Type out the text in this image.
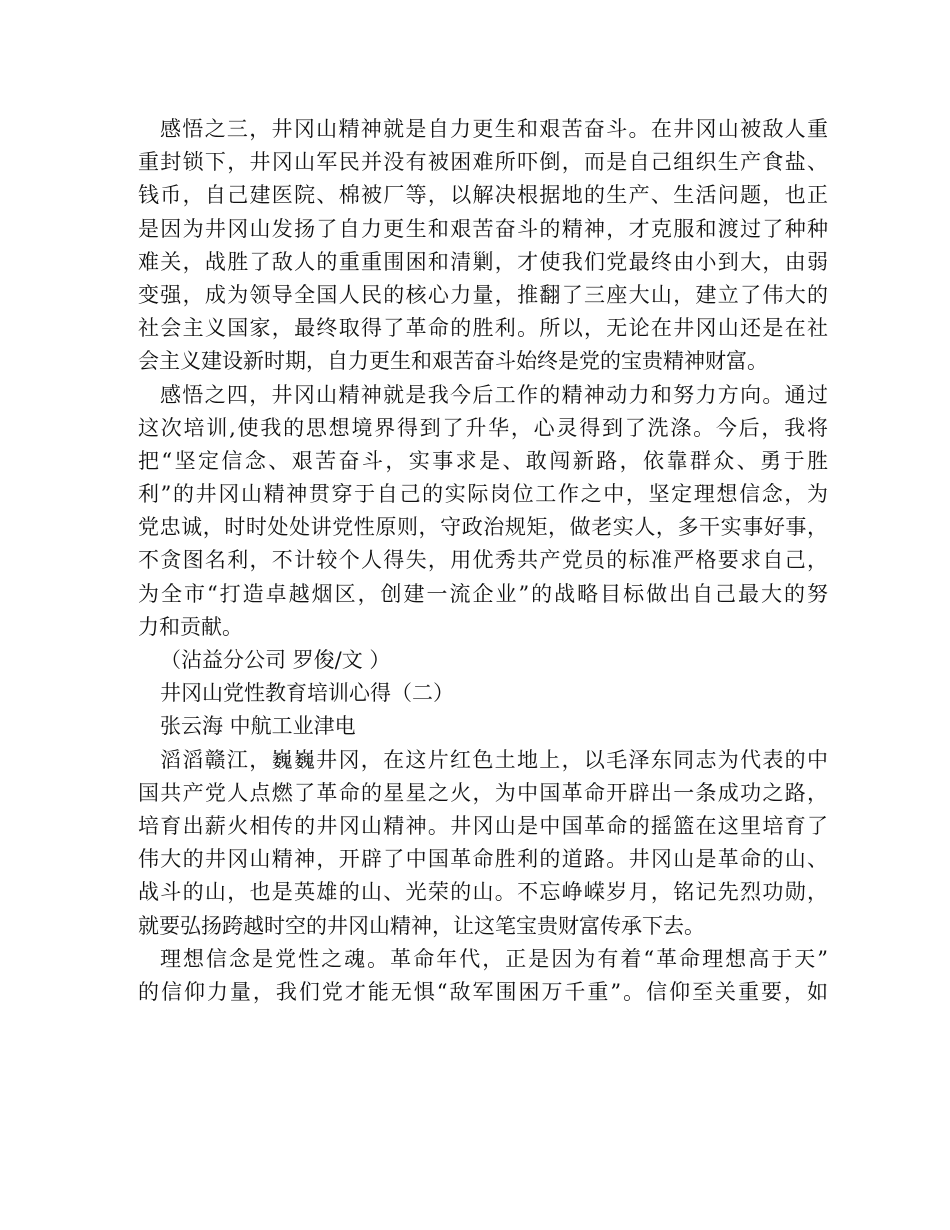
感悟之三，井冈山精神就是自力更生和艰苦奋斗。在井冈山被敌人重
重封锁下，井冈山军民并没有被困难所吓倒，而是自己组织生产食盐、
钱币，自己建医院、棉被厂等，以解决根据地的生产、生活问题，也正
是因为井冈山发扬了自力更生和艰苦奋斗的精神，才克服和渡过了种种
难关，战胜了敌人的重重围困和清剿，才使我们党最终由小到大，由弱
变强，成为领导全国人民的核心力量，推翻了三座大山，建立了伟大的
社会主义国家，最终取得了革命的胜利。所以，无论在井冈山还是在社
会主义建设新时期，自力更生和艰苦奋斗始终是党的宝贵精神财富。
感悟之四，井冈山精神就是我今后工作的精神动力和努力方向。通过
这次培训,使我的思想境界得到了升华，心灵得到了洗涤。今后，我将
把“坚定信念、艰苦奋斗，实事求是、敢闯新路，依靠群众、勇于胜
利”的井冈山精神贯穿于自己的实际岗位工作之中，坚定理想信念，为
党忠诚，时时处处讲党性原则，守政治规矩，做老实人，多干实事好事，
不贪图名利，不计较个人得失，用优秀共产党员的标准严格要求自己，
为全市“打造卓越烟区，创建一流企业”的战略目标做出自己最大的努
力和贡献。
（沾益分公司 罗俊/文 ）
井冈山党性教育培训心得（二）
张云海 中航工业津电
滔滔赣江，巍巍井冈，在这片红色土地上，以毛泽东同志为代表的中
国共产党人点燃了革命的星星之火，为中国革命开辟出一条成功之路，
培育出薪火相传的井冈山精神。井冈山是中国革命的摇篮在这里培育了
伟大的井冈山精神，开辟了中国革命胜利的道路。井冈山是革命的山、
战斗的山，也是英雄的山、光荣的山。不忘峥嵘岁月，铭记先烈功勋，
就要弘扬跨越时空的井冈山精神，让这笔宝贵财富传承下去。
理想信念是党性之魂。革命年代，正是因为有着“革命理想高于天”
的信仰力量，我们党才能无惧“敌军围困万千重”。信仰至关重要，如
